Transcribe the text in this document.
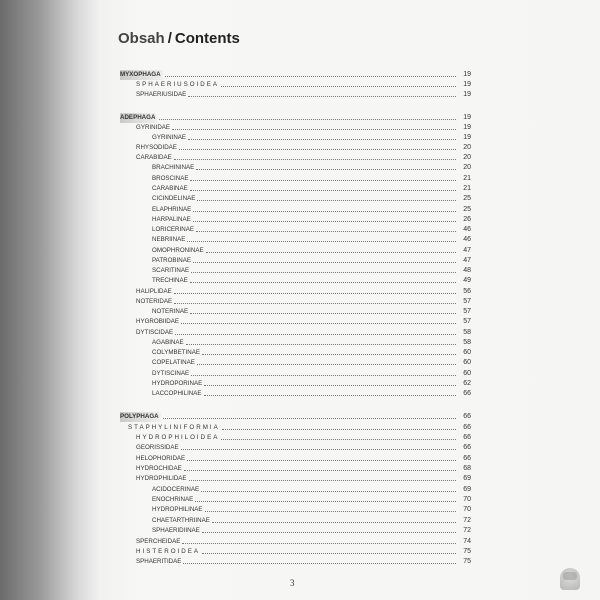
Obsah / Contents
MYXOPHAGA	19
SPHAERIUSOIDEA	19
SPHAERIUSIDAE	19
ADEPHAGA	19
GYRINIDAE	19
GYRININAE	19
RHYSODIDAE	20
CARABIDAE	20
BRACHININAE	20
BROSCINAE	21
CARABINAE	21
CICINDELINAE	25
ELAPHRINAE	25
HARPALINAE	26
LORICERINAE	46
NEBRIINAE	46
OMOPHRONINAE	47
PATROBINAE	47
SCARITINAE	48
TRECHINAE	49
HALIPLIDAE	56
NOTERIDAE	57
NOTERINAE	57
HYGROBIIDAE	57
DYTISCIDAE	58
AGABINAE	58
COLYMBETINAE	60
COPELATINAE	60
DYTISCINAE	60
HYDROPORINAE	62
LACCOPHILINAE	66
POLYPHAGA	66
STAPHYLINIFORMIA	66
HYDROPHILOIDEA	66
GEORISSIDAE	66
HELOPHORIDAE	66
HYDROCHIDAE	68
HYDROPHILIDAE	69
ACIDOCERINAE	69
ENOCHRINAE	70
HYDROPHILINAE	70
CHAETARTHRIINAE	72
SPHAERIDIINAE	72
SPERCHEIDAE	74
HISTEROIDEA	75
SPHAERITIDAE	75
3
